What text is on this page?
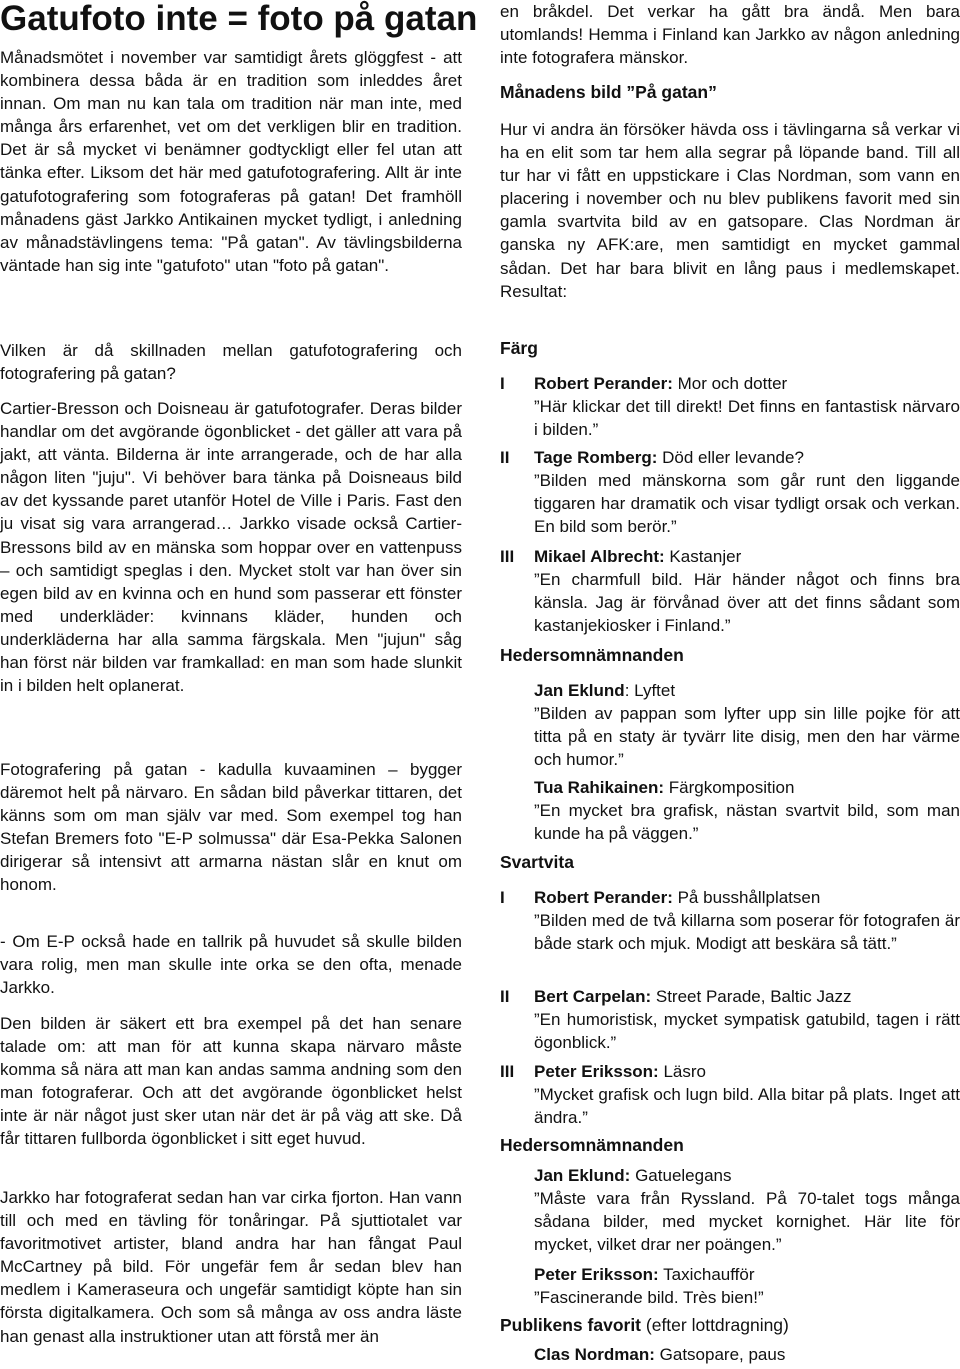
Gatufoto inte = foto på gatan

Månadsmötet i november var samtidigt årets glöggfest - att kombinera dessa båda är en tradition som inleddes året innan. Om man nu kan tala om tradition när man inte, med många års erfarenhet, vet om det verkligen blir en tradition. Det är så mycket vi benämner godtyckligt eller fel utan att tänka efter. Liksom det här med gatufotografering. Allt är inte gatufotografering som fotograferas på gatan! Det framhöll månadens gäst Jarkko Antikainen mycket tydligt, i anledning av månadstävlingens tema: "På gatan". Av tävlingsbilderna väntade han sig inte "gatufoto" utan "foto på gatan".

Vilken är då skillnaden mellan gatufotografering och fotografering på gatan?

Cartier-Bresson och Doisneau är gatufotografer. Deras bilder handlar om det avgörande ögonblicket - det gäller att vara på jakt, att vänta. Bilderna är inte arrangerade, och de har alla någon liten "juju". Vi behöver bara tänka på Doisneaus bild av det kyssande paret utanför Hotel de Ville i Paris. Fast den ju visat sig vara arrangerad… Jarkko visade också Cartier-Bressons bild av en mänska som hoppar over en vattenpuss – och samtidigt speglas i den. Mycket stolt var han över sin egen bild av en kvinna och en hund som passerar ett fönster med underkläder: kvinnans kläder, hunden och underkläderna har alla samma färgskala. Men "jujun" såg han först när bilden var framkallad: en man som hade slunkit in i bilden helt oplanerat.

Fotografering på gatan - kadulla kuvaaminen – bygger däremot helt på närvaro. En sådan bild påverkar tittaren, det känns som om man själv var med. Som exempel tog han Stefan Bremers foto "E-P solmussa" där Esa-Pekka Salonen dirigerar så intensivt att armarna nästan slår en knut om honom.

- Om E-P också hade en tallrik på huvudet så skulle bilden vara rolig, men man skulle inte orka se den ofta, menade Jarkko.

Den bilden är säkert ett bra exempel på det han senare talade om: att man för att kunna skapa närvaro måste komma så nära att man kan andas samma andning som den man fotograferar. Och att det avgörande ögonblicket helst inte är när något just sker utan när det är på väg att ske. Då får tittaren fullborda ögonblicket i sitt eget huvud.

Jarkko har fotograferat sedan han var cirka fjorton. Han vann till och med en tävling för tonåringar. På sjuttiotalet var favoritmotivet artister, bland andra har han fångat Paul McCartney på bild. För ungefär fem år sedan blev han medlem i Kameraseura och ungefär samtidigt köpte han sin första digitalkamera. Och som så många av oss andra läste han genast alla instruktioner utan att förstå mer än

en bråkdel. Det verkar ha gått bra ändå. Men bara utomlands! Hemma i Finland kan Jarkko av någon anledning inte fotografera mänskor.

Månadens bild ”På gatan”

Hur vi andra än försöker hävda oss i tävlingarna så verkar vi ha en elit som tar hem alla segrar på löpande band. Till all tur har vi fått en uppstickare i Clas Nordman, som vann en placering i november och nu blev publikens favorit med sin gamla svartvita bild av en gatsopare. Clas Nordman är ganska ny AFK:are, men samtidigt en mycket gammal sådan. Det har bara blivit en lång paus i medlemskapet. Resultat:

Färg
I Robert Perander: Mor och dotter

”Här klickar det till direkt! Det finns en fantastisk närvaro i bilden.”

II Tage Romberg: Död eller levande?

”Bilden med mänskorna som går runt den liggande tiggaren har dramatik och visar tydligt orsak och verkan. En bild som berör.”

III Mikael Albrecht: Kastanjer

”En charmfull bild. Här händer något och finns bra känsla. Jag är förvånad över att det finns sådant som kastanjekiosker i Finland.”

Hedersomnämnanden
Jan Eklund: Lyftet

”Bilden av pappan som lyfter upp sin lille pojke för att titta på en staty är tyvärr lite disig, men den har värme och humor.”

Tua Rahikainen: Färgkomposition

”En mycket bra grafisk, nästan svartvit bild, som man kunde ha på väggen.”

Svartvita
I Robert Perander: På busshållplatsen

”Bilden med de två killarna som poserar för fotografen är både stark och mjuk. Modigt att beskära så tätt.”

II Bert Carpelan: Street Parade, Baltic Jazz

”En humoristisk, mycket sympatisk gatubild, tagen i rätt ögonblick.”

III Peter Eriksson: Läsro

”Mycket grafisk och lugn bild. Alla bitar på plats. Inget att ändra.”

Hedersomnämnanden
Jan Eklund: Gatuelegans

”Måste vara från Ryssland. På 70-talet togs många sådana bilder, med mycket kornighet. Här lite för mycket, vilket drar ner poängen.”

Peter Eriksson: Taxichaufför

”Fascinerande bild. Très bien!”

Publikens favorit (efter lottdragning)
Clas Nordman: Gatsopare, paus
